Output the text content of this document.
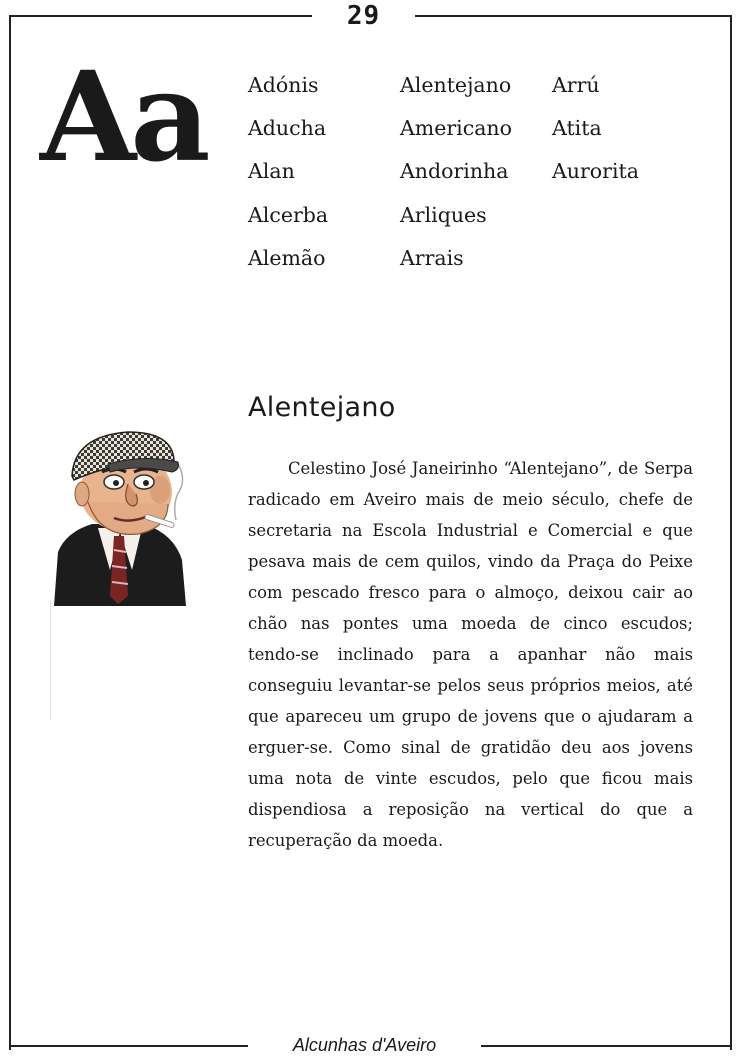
29
Aa Adónis
Aducha
Alan
Alcerba
Alemão
Alentejano
Americano
Andorinha
Arliques
Arrais
Arrú
Atita
Aurorita
Alentejano

Celestino José Janeirinho “Alentejano”, de Serpa radicado em Aveiro mais de meio século, chefe de secretaria na Escola Industrial e Comercial e que pesava mais de cem quilos, vindo da Praça do Peixe com pescado fresco para o almoço, deixou cair ao chão nas pontes uma moeda de cinco escudos; tendo-se inclinado para a apanhar não mais conseguiu levantar-se pelos seus próprios meios, até que apareceu um grupo de jovens que o ajudaram a erguer-se. Como sinal de gratidão deu aos jovens uma nota de vinte escudos, pelo que ficou mais dispendiosa a reposição na vertical do que a recuperação da moeda.

Alcunhas d'Aveiro
